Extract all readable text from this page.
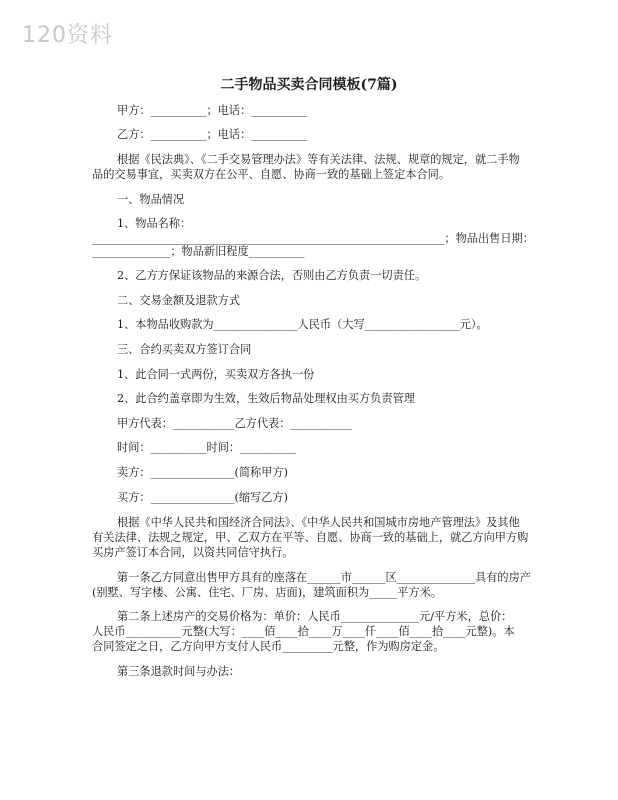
120资料
二手物品买卖合同模板(7篇)
甲方：__________；电话：__________
乙方：__________；电话：__________
根据《民法典》、《二手交易管理办法》等有关法律、法规、规章的规定，就二手物
品的交易事宜，买卖双方在公平、自愿、协商一致的基础上签定本合同。
一、物品情况
1、物品名称：
_______________________________________________________________；物品出售日期：
______________；物品新旧程度__________
2、乙方方保证该物品的来源合法，否则由乙方负责一切责任。
二、交易金额及退款方式
1、本物品收购款为_______________人民币（大写_________________元）。
三、合约买卖双方签订合同
1、此合同一式两份，买卖双方各执一份
2、此合约盖章即为生效，生效后物品处理权由买方负责管理
甲方代表：___________乙方代表：___________
时间：__________时间：__________
卖方：_______________(简称甲方)
买方：_______________(缩写乙方)
根据《中华人民共和国经济合同法》、《中华人民共和国城市房地产管理法》及其他
有关法律、法规之规定，甲、乙双方在平等、自愿、协商一致的基础上，就乙方向甲方购
买房产签订本合同，以资共同信守执行。
第一条乙方同意出售甲方具有的座落在______市______区______________具有的房产
(别墅、写字楼、公寓、住宅、厂房、店面)，建筑面积为_____平方米。
第二条上述房产的交易价格为：单价：人民币______________元/平方米，总价：
人民币__________元整(大写：____佰____拾____万____仟____佰____拾____元整)。本
合同签定之日，乙方向甲方支付人民币_________元整，作为购房定金。
第三条退款时间与办法：
